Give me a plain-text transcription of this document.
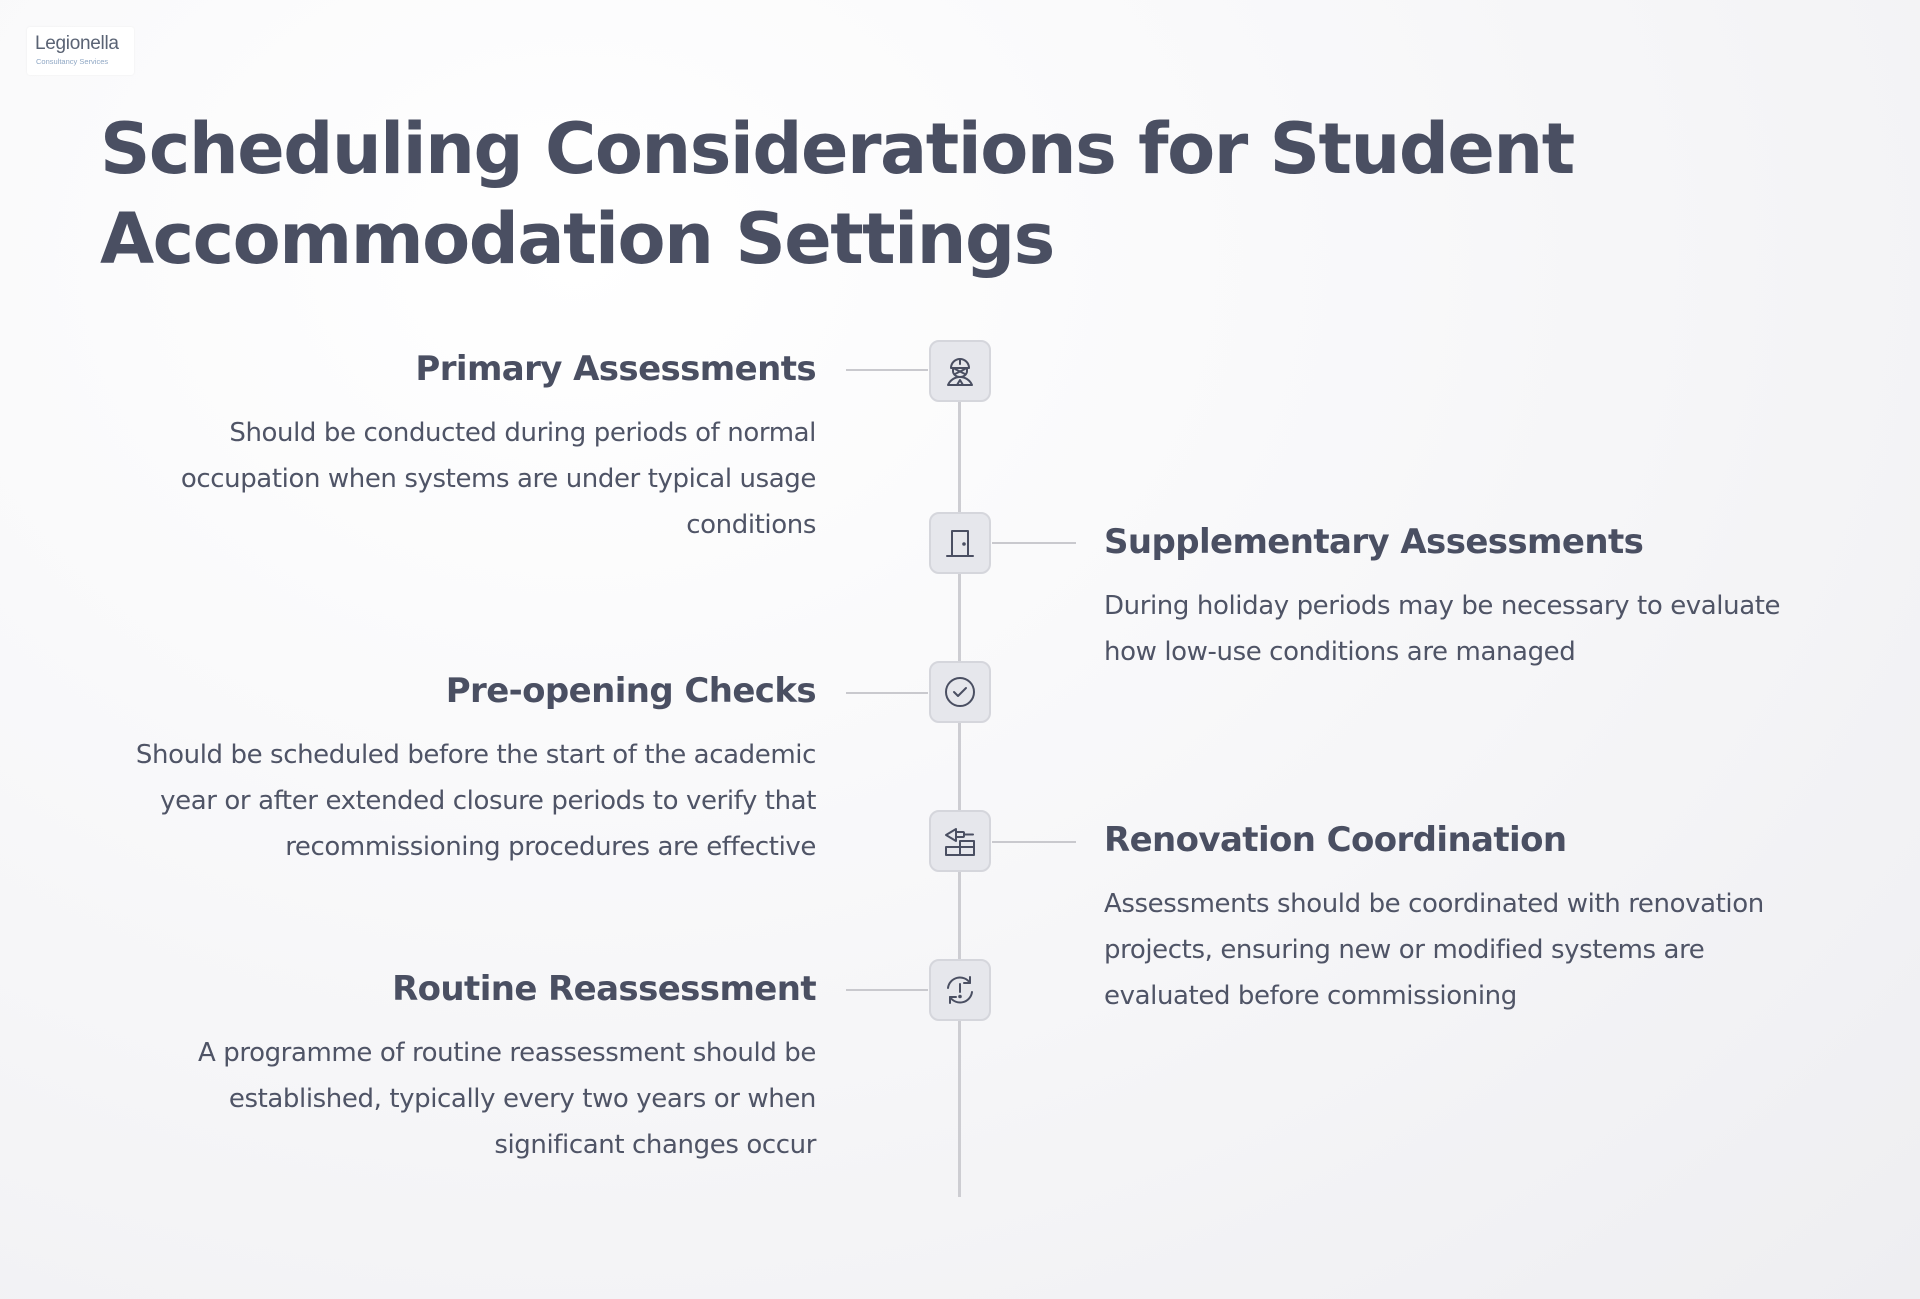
Legionella
Consultancy Services
Scheduling Considerations for Student Accommodation Settings
Primary Assessments

Should be conducted during periods of normal occupation when systems are under typical usage conditions	Supplementary Assessments

During holiday periods may be necessary to evaluate how low-use conditions are managed

Pre-opening Checks

Should be scheduled before the start of the academic year or after extended closure periods to verify that recommissioning procedures are effective	Renovation Coordination

Assessments should be coordinated with renovation projects, ensuring new or modified systems are evaluated before commissioning

Routine Reassessment

A programme of routine reassessment should be established, typically every two years or when significant changes occur
